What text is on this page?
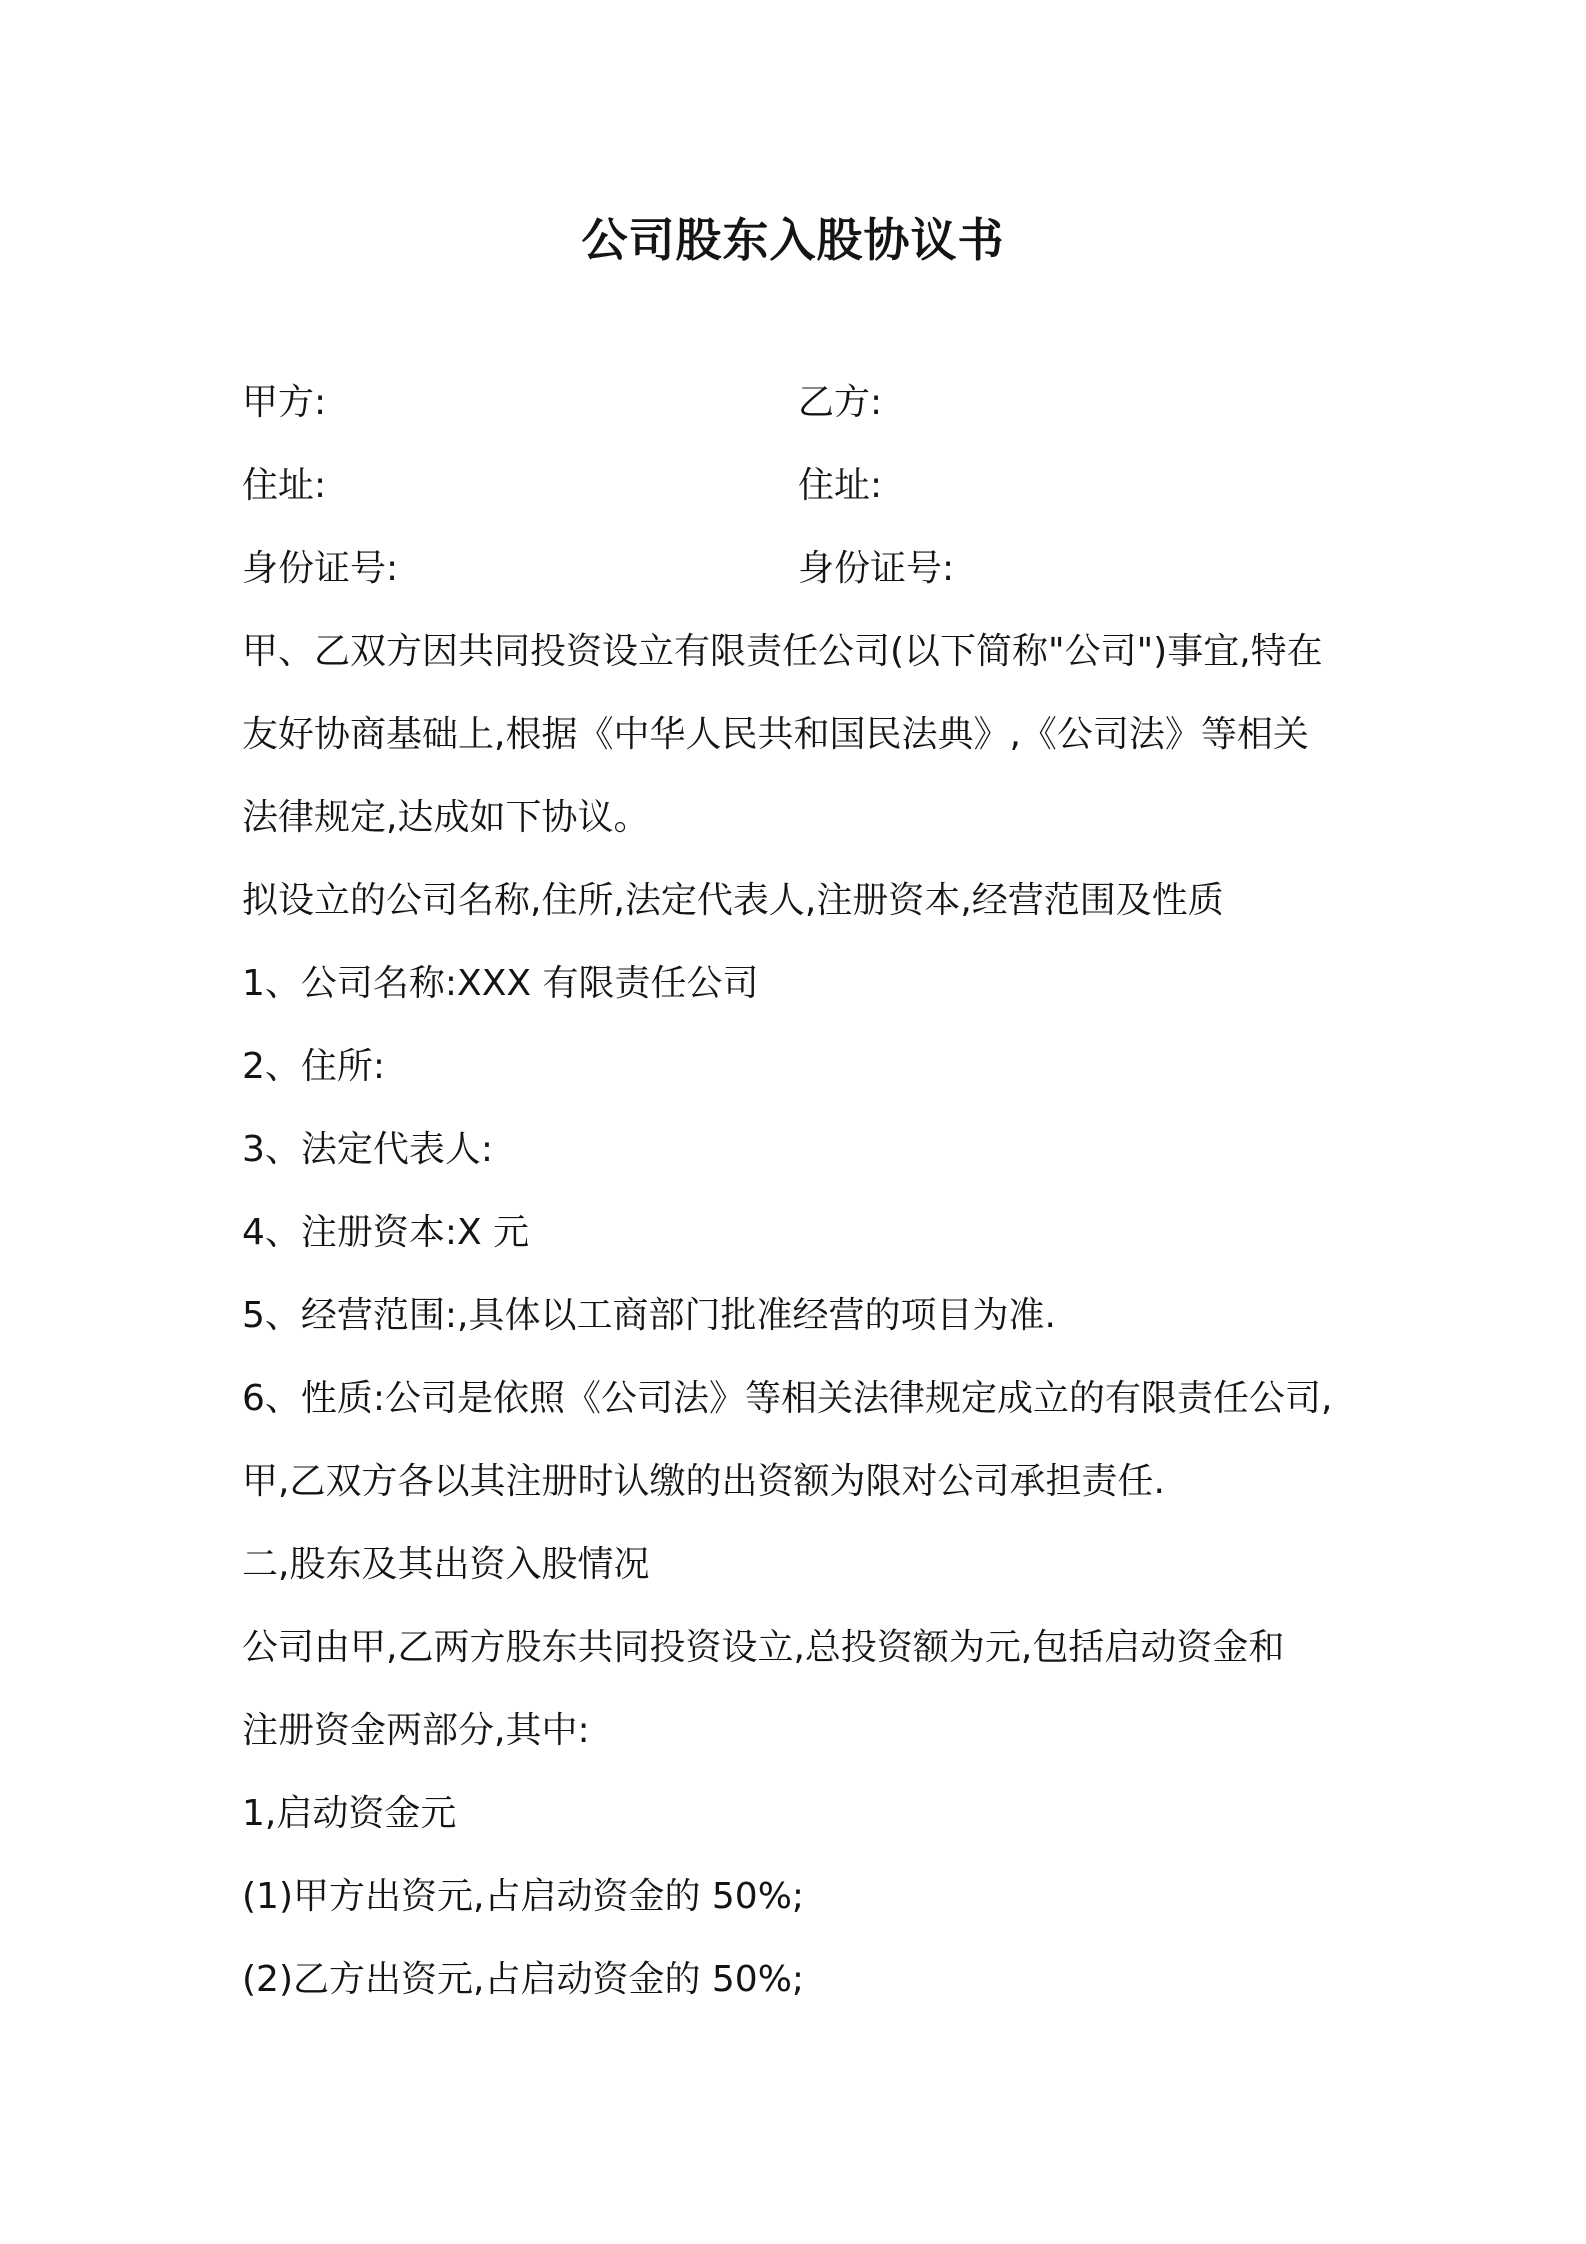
公司股东入股协议书

甲方:	乙方:

住址:	住址:

身份证号:	身份证号:

甲、乙双方因共同投资设立有限责任公司(以下简称"公司")事宜,特在

友好协商基础上,根据《中华人民共和国民法典》,《公司法》等相关

法律规定,达成如下协议。

拟设立的公司名称,住所,法定代表人,注册资本,经营范围及性质

1、公司名称:XXX 有限责任公司

2、住所:

3、法定代表人:

4、注册资本:X 元

5、经营范围:,具体以工商部门批准经营的项目为准.

6、性质:公司是依照《公司法》等相关法律规定成立的有限责任公司,

甲,乙双方各以其注册时认缴的出资额为限对公司承担责任.

二,股东及其出资入股情况

公司由甲,乙两方股东共同投资设立,总投资额为元,包括启动资金和

注册资金两部分,其中:

1,启动资金元

(1)甲方出资元,占启动资金的 50%;

(2)乙方出资元,占启动资金的 50%;
